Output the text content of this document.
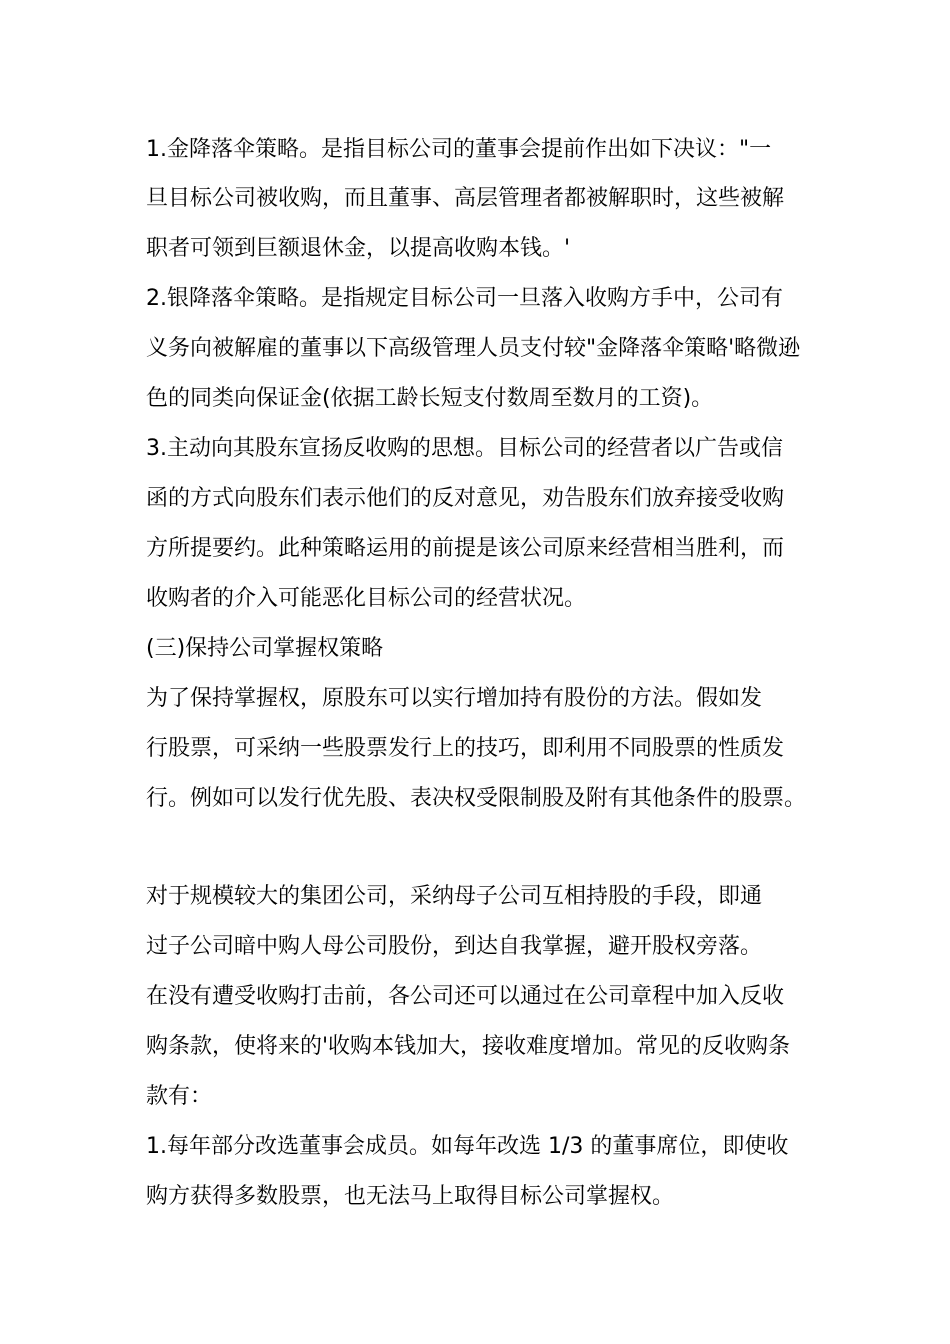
1.金降落伞策略。是指目标公司的董事会提前作出如下决议："一
旦目标公司被收购，而且董事、高层管理者都被解职时，这些被解
职者可领到巨额退休金，以提高收购本钱。'
2.银降落伞策略。是指规定目标公司一旦落入收购方手中，公司有
义务向被解雇的董事以下高级管理人员支付较"金降落伞策略'略微逊
色的同类向保证金(依据工龄长短支付数周至数月的工资)。
3.主动向其股东宣扬反收购的思想。目标公司的经营者以广告或信
函的方式向股东们表示他们的反对意见，劝告股东们放弃接受收购
方所提要约。此种策略运用的前提是该公司原来经营相当胜利，而
收购者的介入可能恶化目标公司的经营状况。
(三)保持公司掌握权策略
为了保持掌握权，原股东可以实行增加持有股份的方法。假如发
行股票，可采纳一些股票发行上的技巧，即利用不同股票的性质发
行。例如可以发行优先股、表决权受限制股及附有其他条件的股票。
对于规模较大的集团公司，采纳母子公司互相持股的手段，即通
过子公司暗中购人母公司股份，到达自我掌握，避开股权旁落。
在没有遭受收购打击前，各公司还可以通过在公司章程中加入反收
购条款，使将来的'收购本钱加大，接收难度增加。常见的反收购条
款有：
1.每年部分改选董事会成员。如每年改选 1/3 的董事席位，即使收
购方获得多数股票，也无法马上取得目标公司掌握权。
